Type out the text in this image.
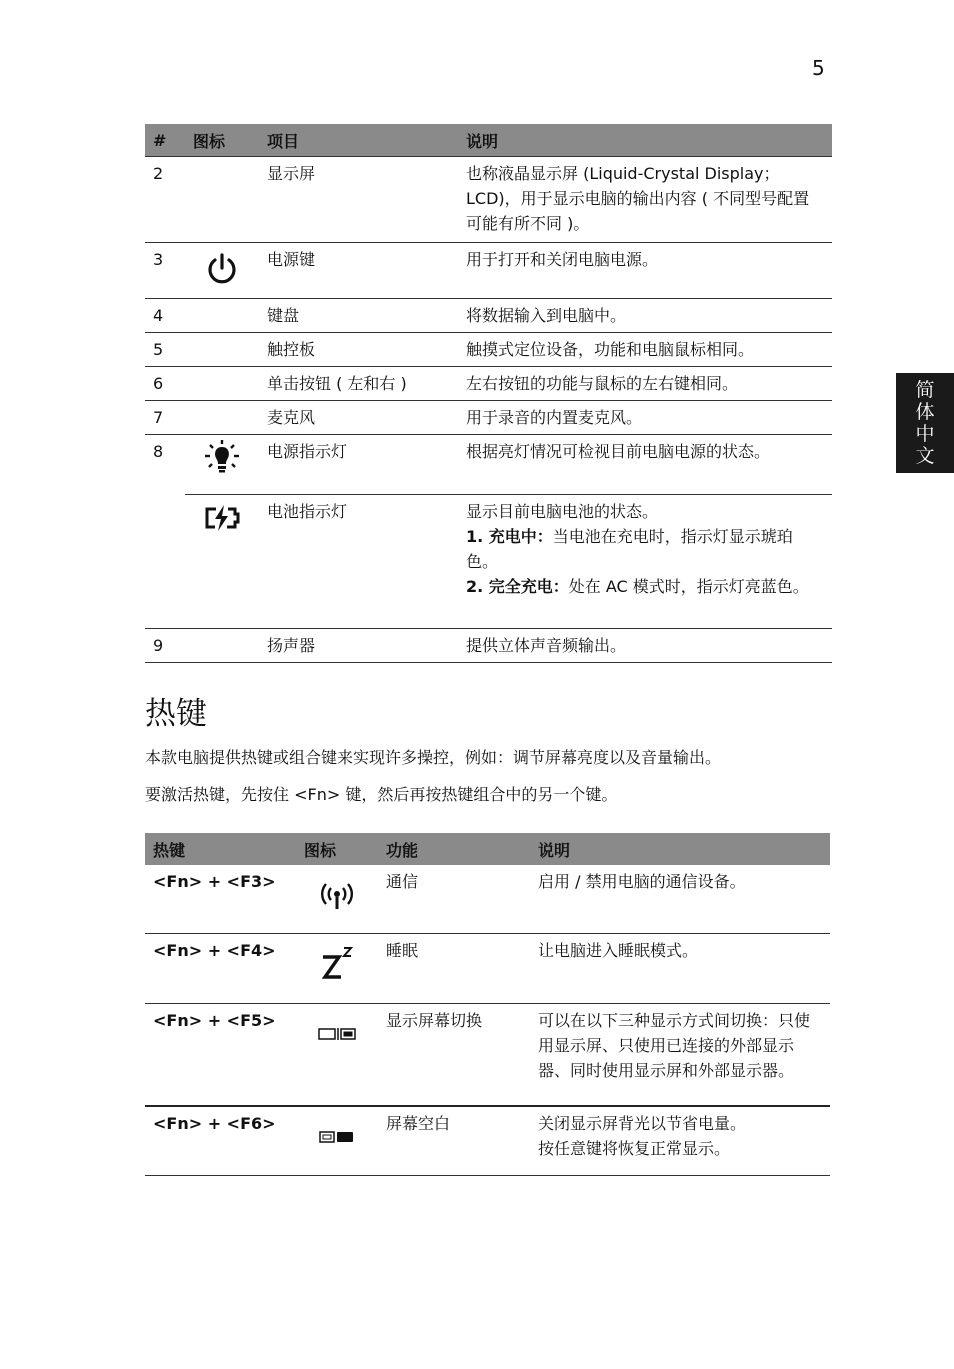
5
简体中文
#	图标	项目	说明
2		显示屏	也称液晶显示屏 (Liquid-Crystal Display；LCD)，用于显示电脑的输出内容 ( 不同型号配置可能有所不同 )。
3		电源键	用于打开和关闭电脑电源。
4		键盘	将数据输入到电脑中。
5		触控板	触摸式定位设备，功能和电脑鼠标相同。
6		单击按钮 ( 左和右 )	左右按钮的功能与鼠标的左右键相同。
7		麦克风	用于录音的内置麦克风。
8		电源指示灯	根据亮灯情况可检视目前电脑电源的状态。
		电池指示灯	显示目前电脑电池的状态。
1. 充电中：当电池在充电时，指示灯显示琥珀色。
2. 完全充电：处在 AC 模式时，指示灯亮蓝色。

9		扬声器	提供立体声音频输出。
热键
本款电脑提供热键或组合键来实现许多操控，例如：调节屏幕亮度以及音量输出。
要激活热键，先按住 <Fn> 键，然后再按热键组合中的另一个键。
热键	图标	功能	说明
<Fn> + <F3>		通信	启用 / 禁用电脑的通信设备。
<Fn> + <F4>		睡眠	让电脑进入睡眠模式。
<Fn> + <F5>		显示屏幕切换	可以在以下三种显示方式间切换：只使用显示屏、只使用已连接的外部显示器、同时使用显示屏和外部显示器。
<Fn> + <F6>		屏幕空白	关闭显示屏背光以节省电量。
按任意键将恢复正常显示。
